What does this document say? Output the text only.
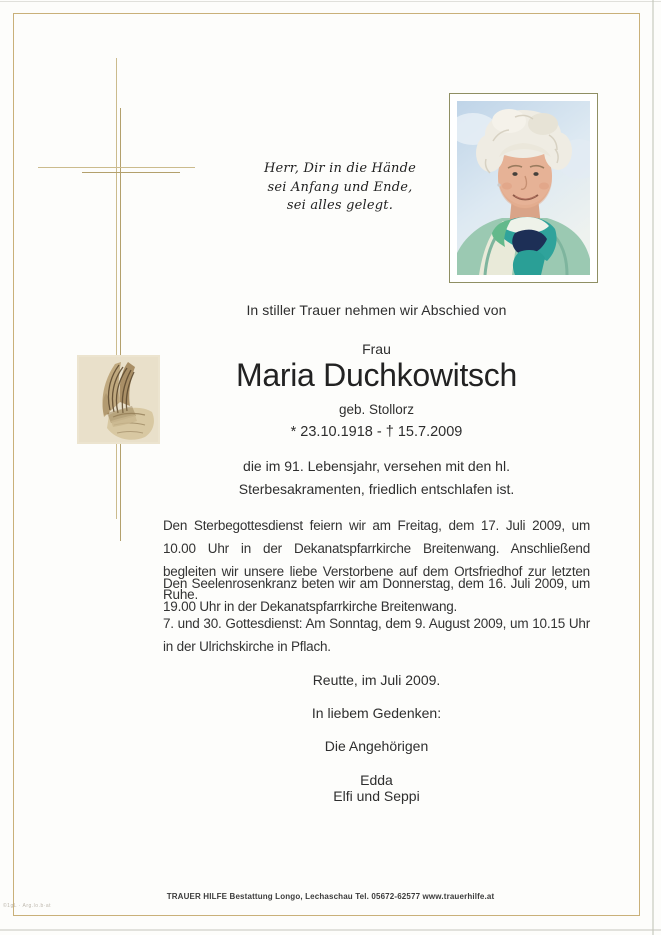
Herr, Dir in die Hände
sei Anfang und Ende,
sei alles gelegt.
In stiller Trauer nehmen wir Abschied von
Frau
Maria Duchkowitsch
geb. Stollorz
* 23.10.1918 - † 15.7.2009
die im 91. Lebensjahr, versehen mit den hl.
Sterbesakramenten, friedlich entschlafen ist.
Den Sterbegottesdienst feiern wir am Freitag, dem 17. Juli 2009, um 10.00 Uhr in der Dekanatspfarrkirche Breitenwang. Anschließend begleiten wir unsere liebe Verstorbene auf dem Ortsfriedhof zur letzten Ruhe.
Den Seelenrosenkranz beten wir am Donnerstag, dem 16. Juli 2009, um 19.00 Uhr in der Dekanatspfarrkirche Breitenwang.
7. und 30. Gottesdienst: Am Sonntag, dem 9. August 2009, um 10.15 Uhr in der Ulrichskirche in Pflach.
Reutte, im Juli 2009.
In liebem Gedenken:
Die Angehörigen
Edda
Elfi und Seppi
TRAUER HILFE Bestattung Longo, Lechaschau Tel. 05672-62577 www.trauerhilfe.at
©1gL · Arg.lo.b·at
